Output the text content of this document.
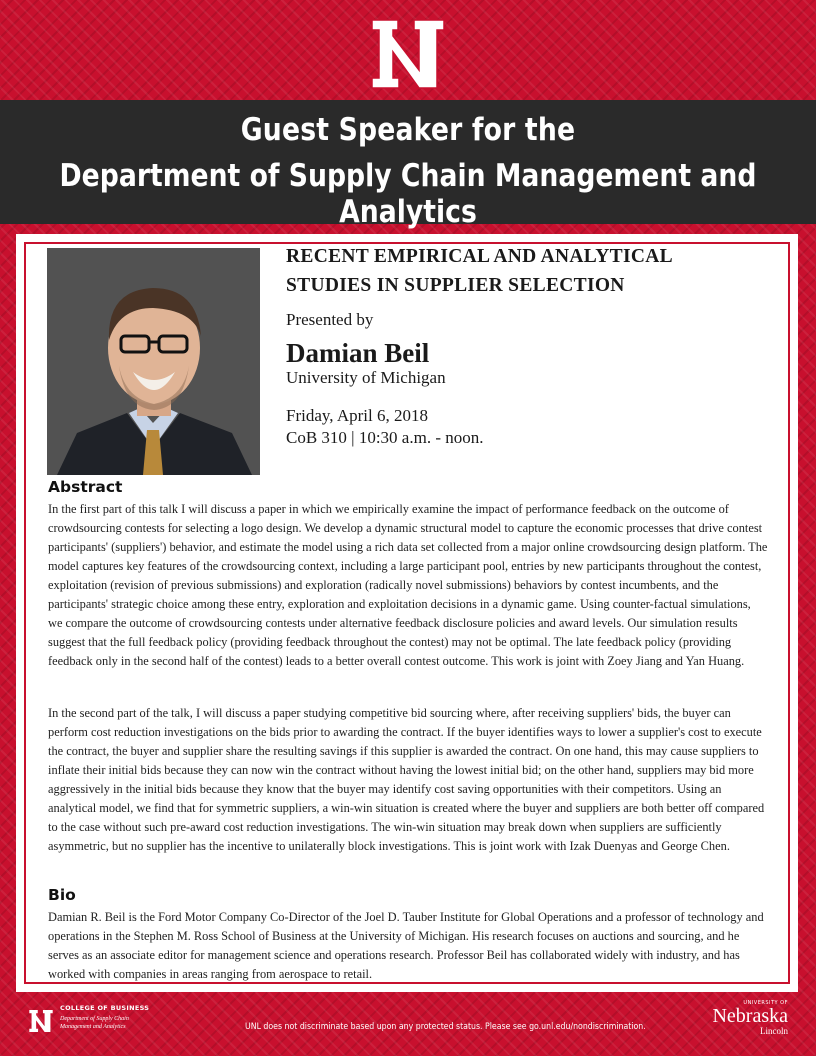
Guest Speaker for the
Department of Supply Chain Management and Analytics
RECENT EMPIRICAL AND ANALYTICAL
STUDIES IN SUPPLIER SELECTION
Presented by
Damian Beil
University of Michigan
Friday, April 6, 2018
CoB 310 | 10:30 a.m. - noon.
Abstract
In the first part of this talk I will discuss a paper in which we empirically examine the impact of performance feedback on the outcome of crowdsourcing contests for selecting a logo design. We develop a dynamic structural model to capture the economic processes that drive contest participants' (suppliers') behavior, and estimate the model using a rich data set collected from a major online crowdsourcing design platform. The model captures key features of the crowdsourcing context, including a large participant pool, entries by new participants throughout the contest, exploitation (revision of previous submissions) and exploration (radically novel submissions) behaviors by contest incumbents, and the participants' strategic choice among these entry, exploration and exploitation decisions in a dynamic game. Using counter-factual simulations, we compare the outcome of crowdsourcing contests under alternative feedback disclosure policies and award levels. Our simulation results suggest that the full feedback policy (providing feedback throughout the contest) may not be optimal. The late feedback policy (providing feedback only in the second half of the contest) leads to a better overall contest outcome. This work is joint with Zoey Jiang and Yan Huang.
In the second part of the talk, I will discuss a paper studying competitive bid sourcing where, after receiving suppliers' bids, the buyer can perform cost reduction investigations on the bids prior to awarding the contract. If the buyer identifies ways to lower a supplier's cost to execute the contract, the buyer and supplier share the resulting savings if this supplier is awarded the contract. On one hand, this may cause suppliers to inflate their initial bids because they can now win the contract without having the lowest initial bid; on the other hand, suppliers may bid more aggressively in the initial bids because they know that the buyer may identify cost saving opportunities with their competitors. Using an analytical model, we find that for symmetric suppliers, a win-win situation is created where the buyer and suppliers are both better off compared to the case without such pre-award cost reduction investigations. The win-win situation may break down when suppliers are sufficiently asymmetric, but no supplier has the incentive to unilaterally block investigations. This is joint work with Izak Duenyas and George Chen.
Bio
Damian R. Beil is the Ford Motor Company Co-Director of the Joel D. Tauber Institute for Global Operations and a professor of technology and operations in the Stephen M. Ross School of Business at the University of Michigan. His research focuses on auctions and sourcing, and he serves as an associate editor for management science and operations research. Professor Beil has collaborated widely with industry, and has worked with companies in areas ranging from aerospace to retail.
COLLEGE OF BUSINESS
Department of Supply Chain Management and Analytics	UNL does not discriminate based upon any protected status. Please see go.unl.edu/nondiscrimination.
UNIVERSITY OF
Nebraska
Lincoln
